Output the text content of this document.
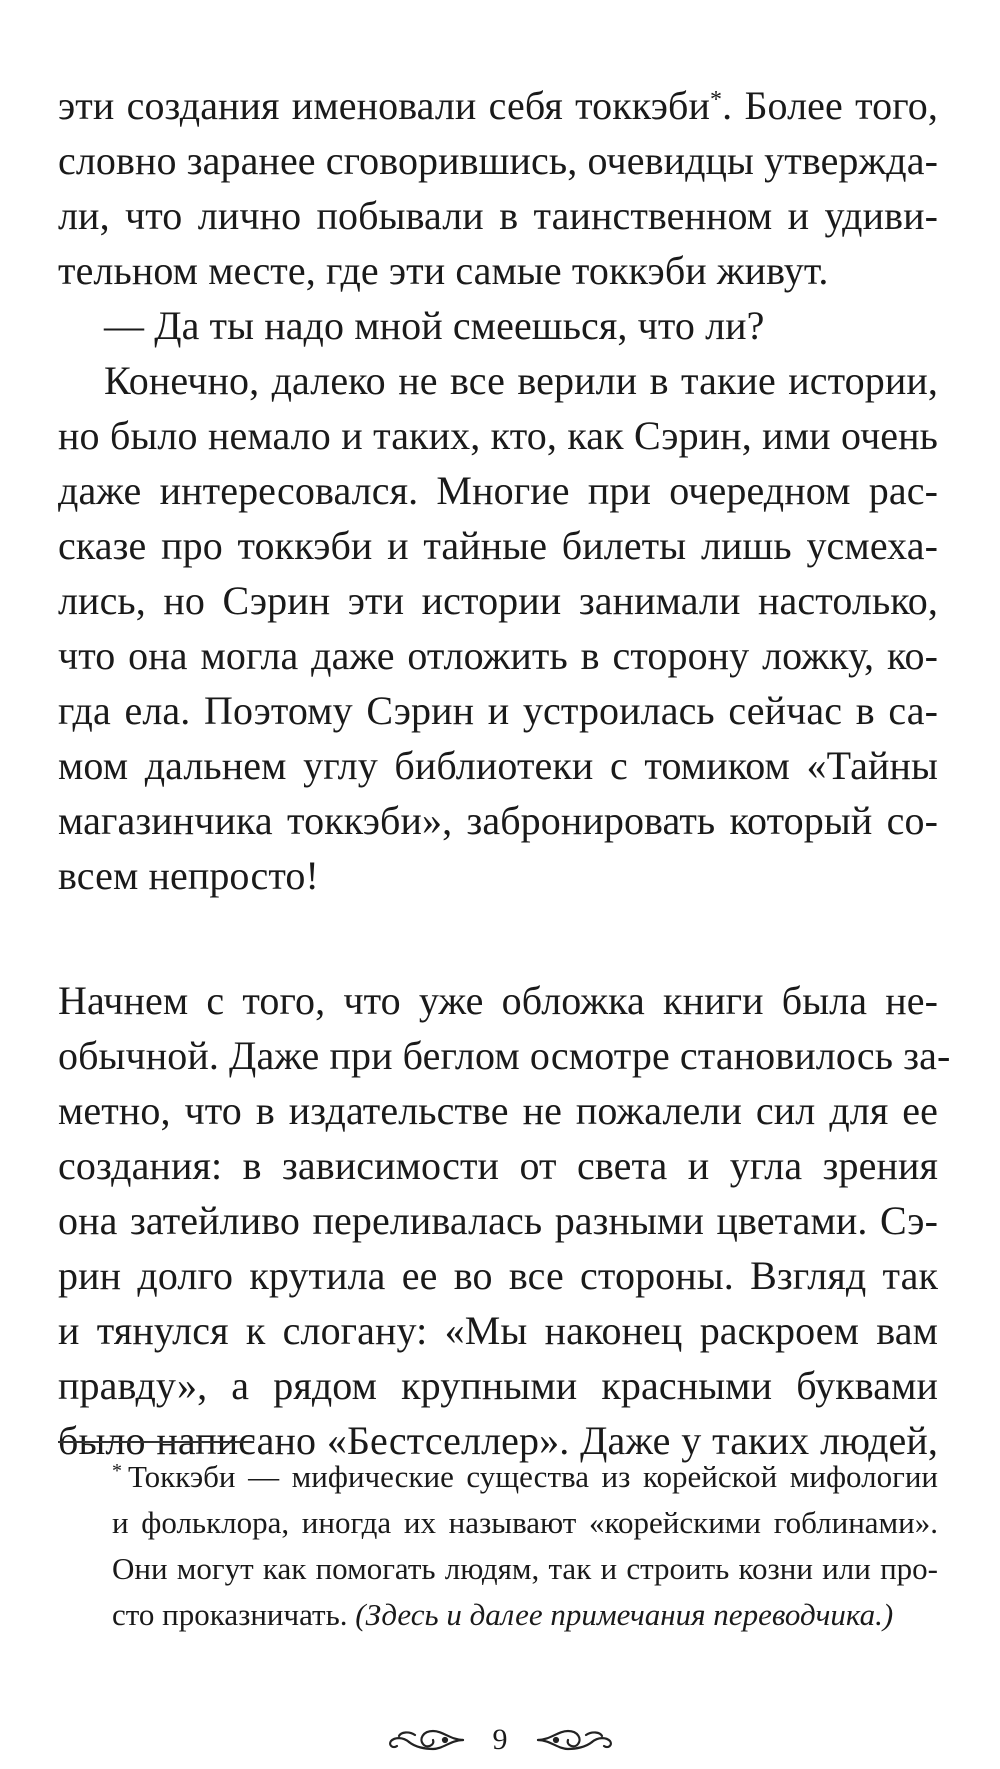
эти создания именовали себя токкэби*. Более того,
словно заранее сговорившись, очевидцы утвержда-
ли, что лично побывали в таинственном и удиви-
тельном месте, где эти самые токкэби живут.
— Да ты надо мной смеешься, что ли?
Конечно, далеко не все верили в такие истории,
но было немало и таких, кто, как Сэрин, ими очень
даже интересовался. Многие при очередном рас-
сказе про токкэби и тайные билеты лишь усмеха-
лись, но Сэрин эти истории занимали настолько,
что она могла даже отложить в сторону ложку, ко-
гда ела. Поэтому Сэрин и устроилась сейчас в са-
мом дальнем углу библиотеки с томиком «Тайны
магазинчика токкэби», забронировать который со-
всем непросто!
Начнем с того, что уже обложка книги была не-
обычной. Даже при беглом осмотре становилось за-
метно, что в издательстве не пожалели сил для ее
создания: в зависимости от света и угла зрения
она затейливо переливалась разными цветами. Сэ-
рин долго крутила ее во все стороны. Взгляд так
и тянулся к слогану: «Мы наконец раскроем вам
правду», а рядом крупными красными буквами
было написано «Бестселлер». Даже у таких людей,
* Токкэби — мифические существа из корейской мифологии
и фольклора, иногда их называют «корейскими гоблинами».
Они могут как помогать людям, так и строить козни или про-
сто проказничать. (Здесь и далее примечания переводчика.)
9
